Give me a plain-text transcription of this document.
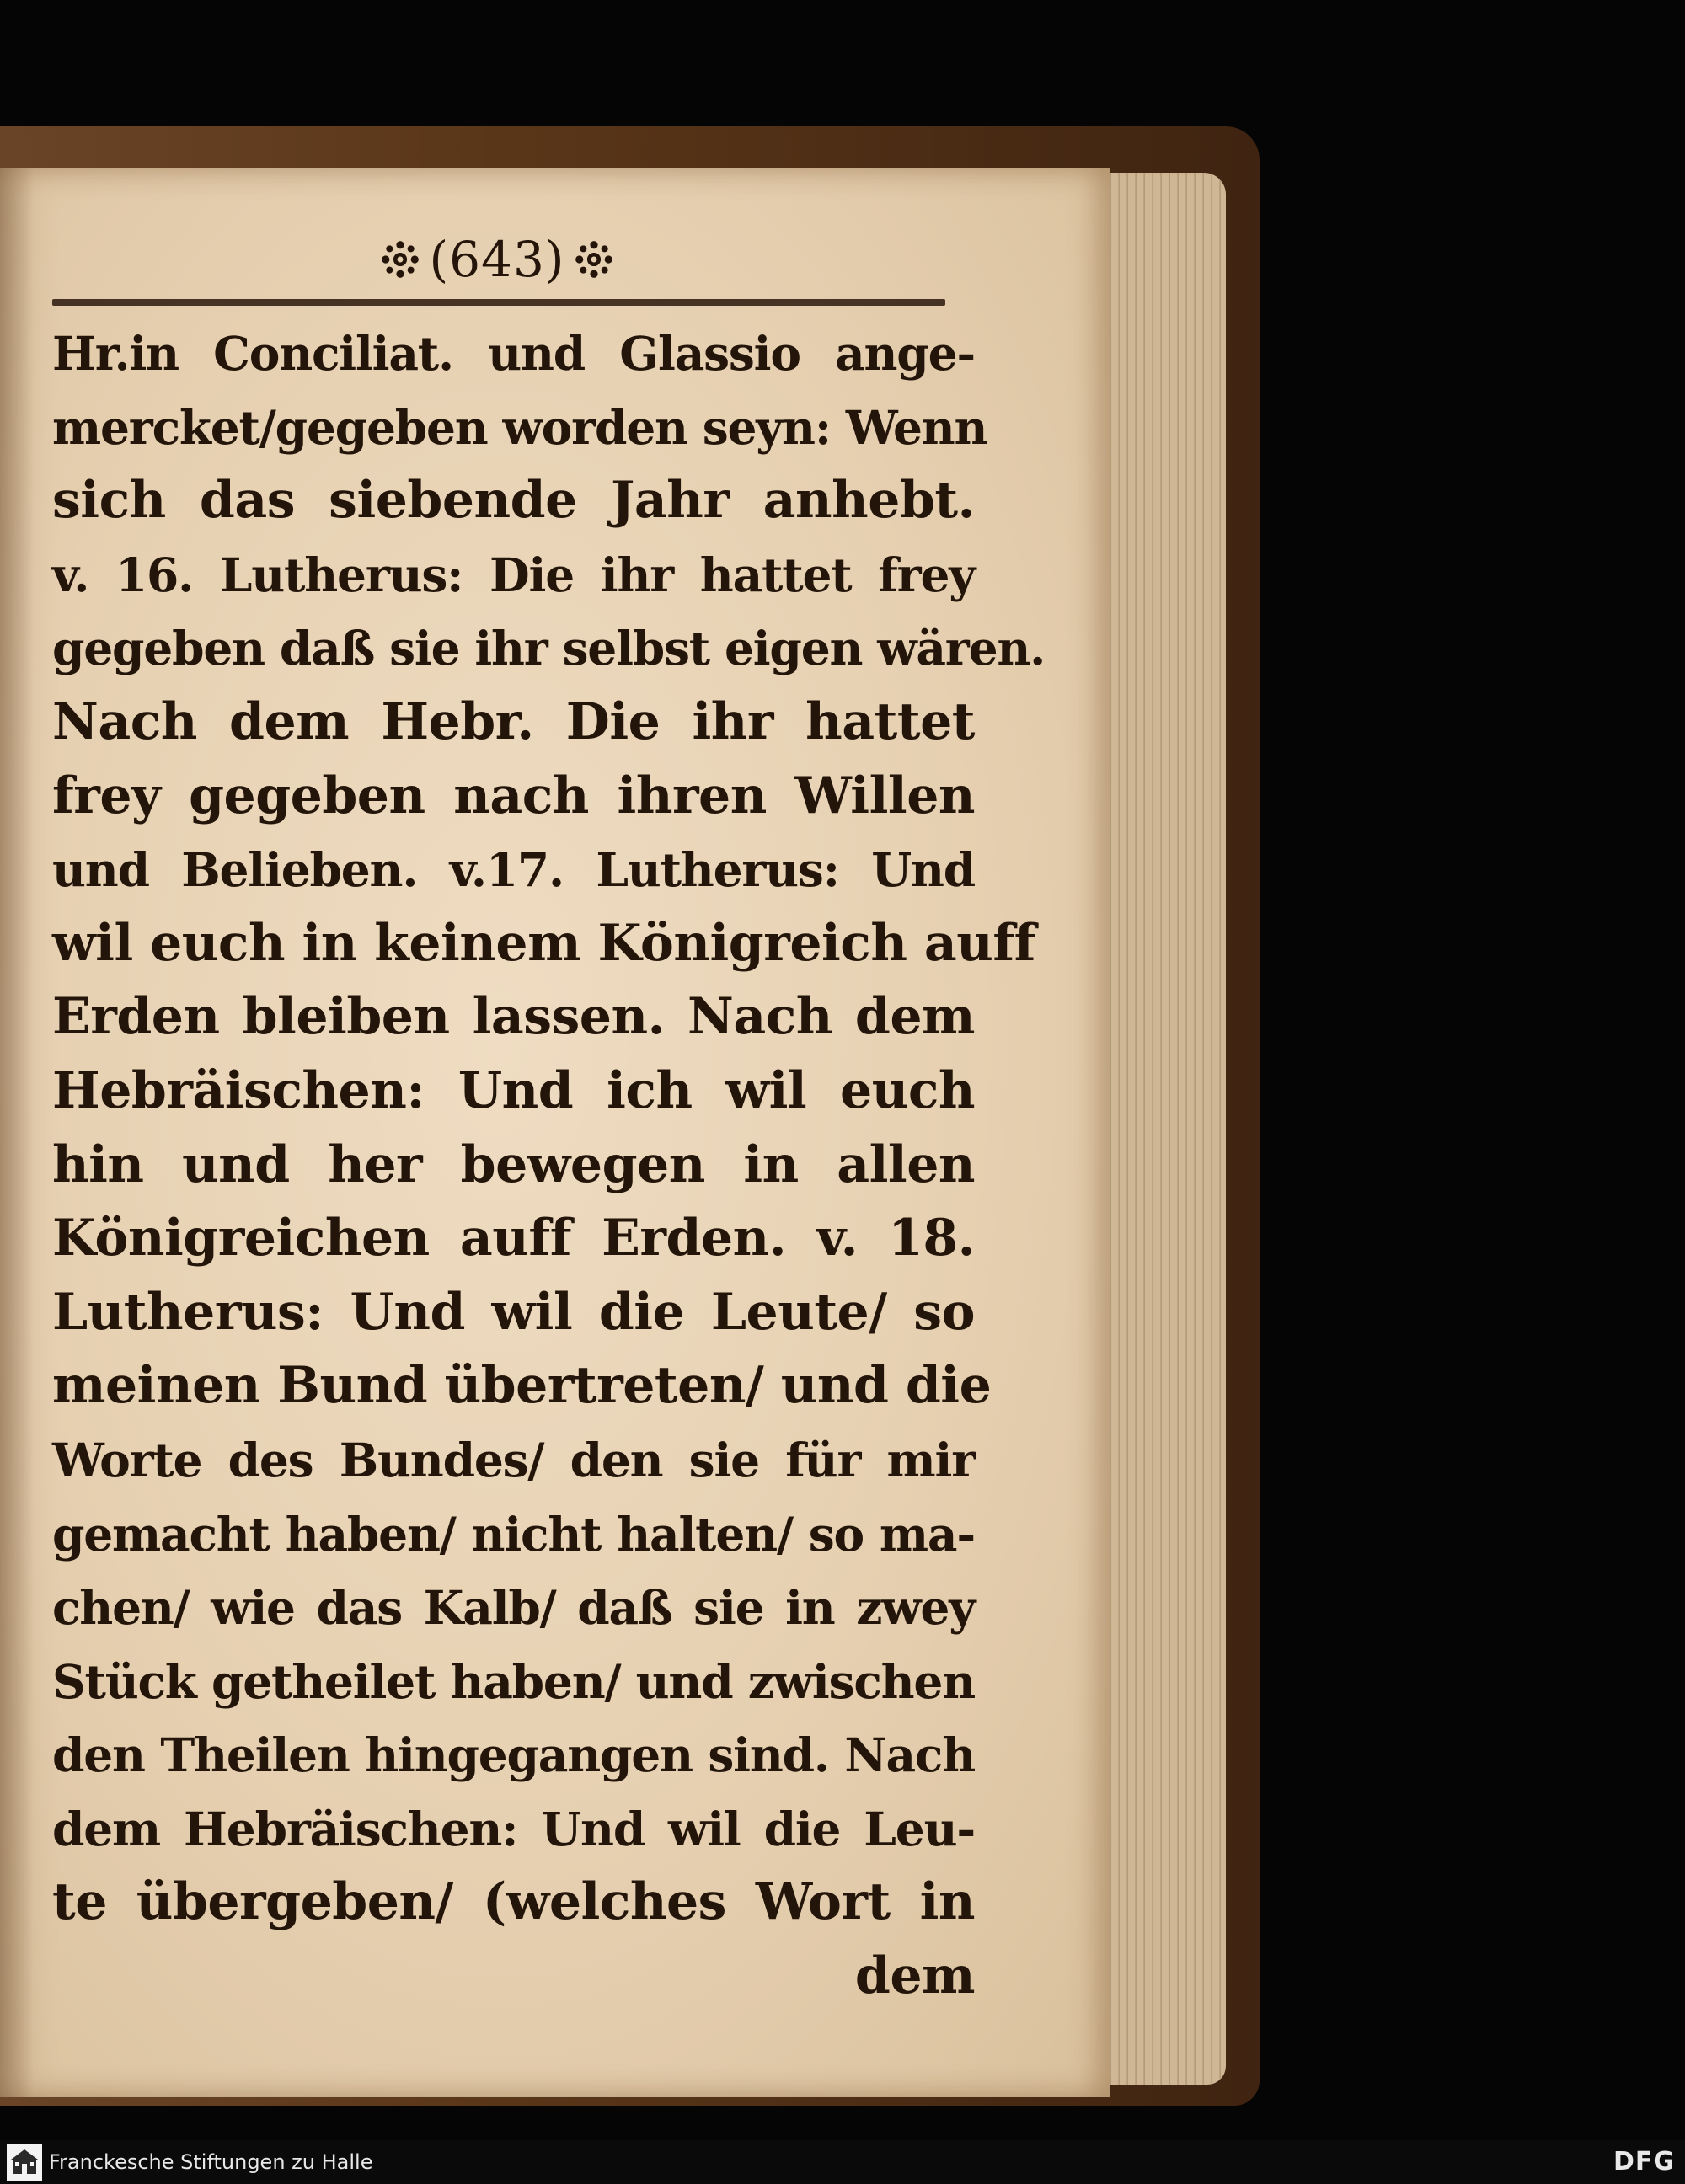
(643)
Hr.in Conciliat. und Glassio ange-
mercket/gegeben worden seyn: Wenn
sich das siebende Jahr anhebt.
v. 16. Lutherus: Die ihr hattet frey
gegeben daß sie ihr selbst eigen wären.
Nach dem Hebr. Die ihr hattet
frey gegeben nach ihren Willen
und Belieben. v.17. Lutherus: Und
wil euch in keinem Königreich auff
Erden bleiben lassen. Nach dem
Hebräischen: Und ich wil euch
hin und her bewegen in allen
Königreichen auff Erden. v. 18.
Lutherus: Und wil die Leute/ so
meinen Bund übertreten/ und die
Worte des Bundes/ den sie für mir
gemacht haben/ nicht halten/ so ma-
chen/ wie das Kalb/ daß sie in zwey
Stück getheilet haben/ und zwischen
den Theilen hingegangen sind. Nach
dem Hebräischen: Und wil die Leu-
te übergeben/ (welches Wort in
dem
Franckesche Stiftungen zu Halle	DFG
